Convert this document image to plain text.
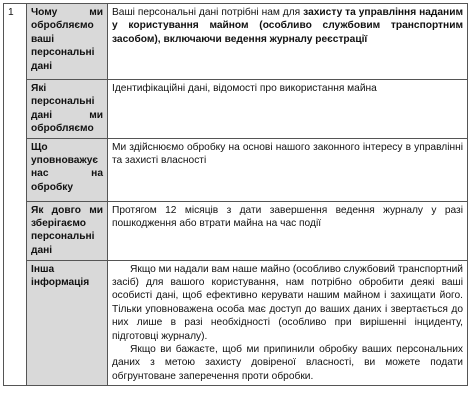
1	Чому ми обробляємо ваші персональні дані	Ваші персональні дані потрібні нам для захисту та управління наданим у користування майном (особливо службовим транспортним засобом), включаючи ведення журналу реєстрації
	Які персональні дані ми обробляємо	Ідентифікаційні дані, відомості про використання майна
	Що уповноважує нас на обробку	Ми здійснюємо обробку на основі нашого законного інтересу в управлінні та захисті власності
	Як довго ми зберігаємо персональні дані	Протягом 12 місяців з дати завершення ведення журналу у разі пошкодження або втрати майна на час події
	Інша інформація	Якщо ми надали вам наше майно (особливо службовий транспортний засіб) для вашого користування, нам потрібно обробити деякі ваші особисті дані, щоб ефективно керувати нашим майном і захищати його. Тільки уповноважена особа має доступ до ваших даних і звертається до них лише в разі необхідності (особливо при вирішенні інциденту, підготовці журналу).

Якщо ви бажаєте, щоб ми припинили обробку ваших персональних даних з метою захисту довіреної власності, ви можете подати обгрунтоване заперечення проти обробки.
